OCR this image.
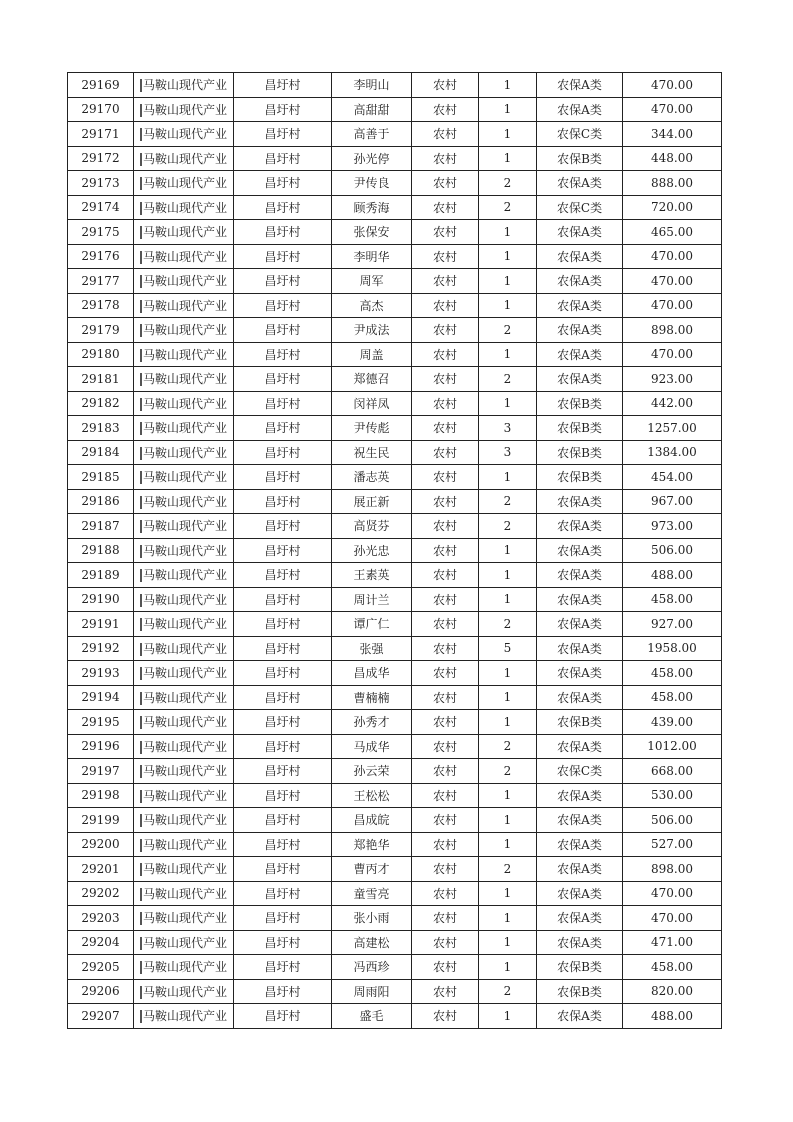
29169	马鞍山现代产业	昌圩村	李明山	农村	1	农保A类	470.00
29170	马鞍山现代产业	昌圩村	高甜甜	农村	1	农保A类	470.00
29171	马鞍山现代产业	昌圩村	高善于	农村	1	农保C类	344.00
29172	马鞍山现代产业	昌圩村	孙光停	农村	1	农保B类	448.00
29173	马鞍山现代产业	昌圩村	尹传良	农村	2	农保A类	888.00
29174	马鞍山现代产业	昌圩村	顾秀海	农村	2	农保C类	720.00
29175	马鞍山现代产业	昌圩村	张保安	农村	1	农保A类	465.00
29176	马鞍山现代产业	昌圩村	李明华	农村	1	农保A类	470.00
29177	马鞍山现代产业	昌圩村	周军	农村	1	农保A类	470.00
29178	马鞍山现代产业	昌圩村	高杰	农村	1	农保A类	470.00
29179	马鞍山现代产业	昌圩村	尹成法	农村	2	农保A类	898.00
29180	马鞍山现代产业	昌圩村	周盖	农村	1	农保A类	470.00
29181	马鞍山现代产业	昌圩村	郑德召	农村	2	农保A类	923.00
29182	马鞍山现代产业	昌圩村	闵祥凤	农村	1	农保B类	442.00
29183	马鞍山现代产业	昌圩村	尹传彪	农村	3	农保B类	1257.00
29184	马鞍山现代产业	昌圩村	祝生民	农村	3	农保B类	1384.00
29185	马鞍山现代产业	昌圩村	潘志英	农村	1	农保B类	454.00
29186	马鞍山现代产业	昌圩村	展正新	农村	2	农保A类	967.00
29187	马鞍山现代产业	昌圩村	高贤芬	农村	2	农保A类	973.00
29188	马鞍山现代产业	昌圩村	孙光忠	农村	1	农保A类	506.00
29189	马鞍山现代产业	昌圩村	王素英	农村	1	农保A类	488.00
29190	马鞍山现代产业	昌圩村	周计兰	农村	1	农保A类	458.00
29191	马鞍山现代产业	昌圩村	谭广仁	农村	2	农保A类	927.00
29192	马鞍山现代产业	昌圩村	张强	农村	5	农保A类	1958.00
29193	马鞍山现代产业	昌圩村	昌成华	农村	1	农保A类	458.00
29194	马鞍山现代产业	昌圩村	曹楠楠	农村	1	农保A类	458.00
29195	马鞍山现代产业	昌圩村	孙秀才	农村	1	农保B类	439.00
29196	马鞍山现代产业	昌圩村	马成华	农村	2	农保A类	1012.00
29197	马鞍山现代产业	昌圩村	孙云荣	农村	2	农保C类	668.00
29198	马鞍山现代产业	昌圩村	王松松	农村	1	农保A类	530.00
29199	马鞍山现代产业	昌圩村	昌成皖	农村	1	农保A类	506.00
29200	马鞍山现代产业	昌圩村	郑艳华	农村	1	农保A类	527.00
29201	马鞍山现代产业	昌圩村	曹丙才	农村	2	农保A类	898.00
29202	马鞍山现代产业	昌圩村	童雪亮	农村	1	农保A类	470.00
29203	马鞍山现代产业	昌圩村	张小雨	农村	1	农保A类	470.00
29204	马鞍山现代产业	昌圩村	高建松	农村	1	农保A类	471.00
29205	马鞍山现代产业	昌圩村	冯西珍	农村	1	农保B类	458.00
29206	马鞍山现代产业	昌圩村	周雨阳	农村	2	农保B类	820.00
29207	马鞍山现代产业	昌圩村	盛毛	农村	1	农保A类	488.00
